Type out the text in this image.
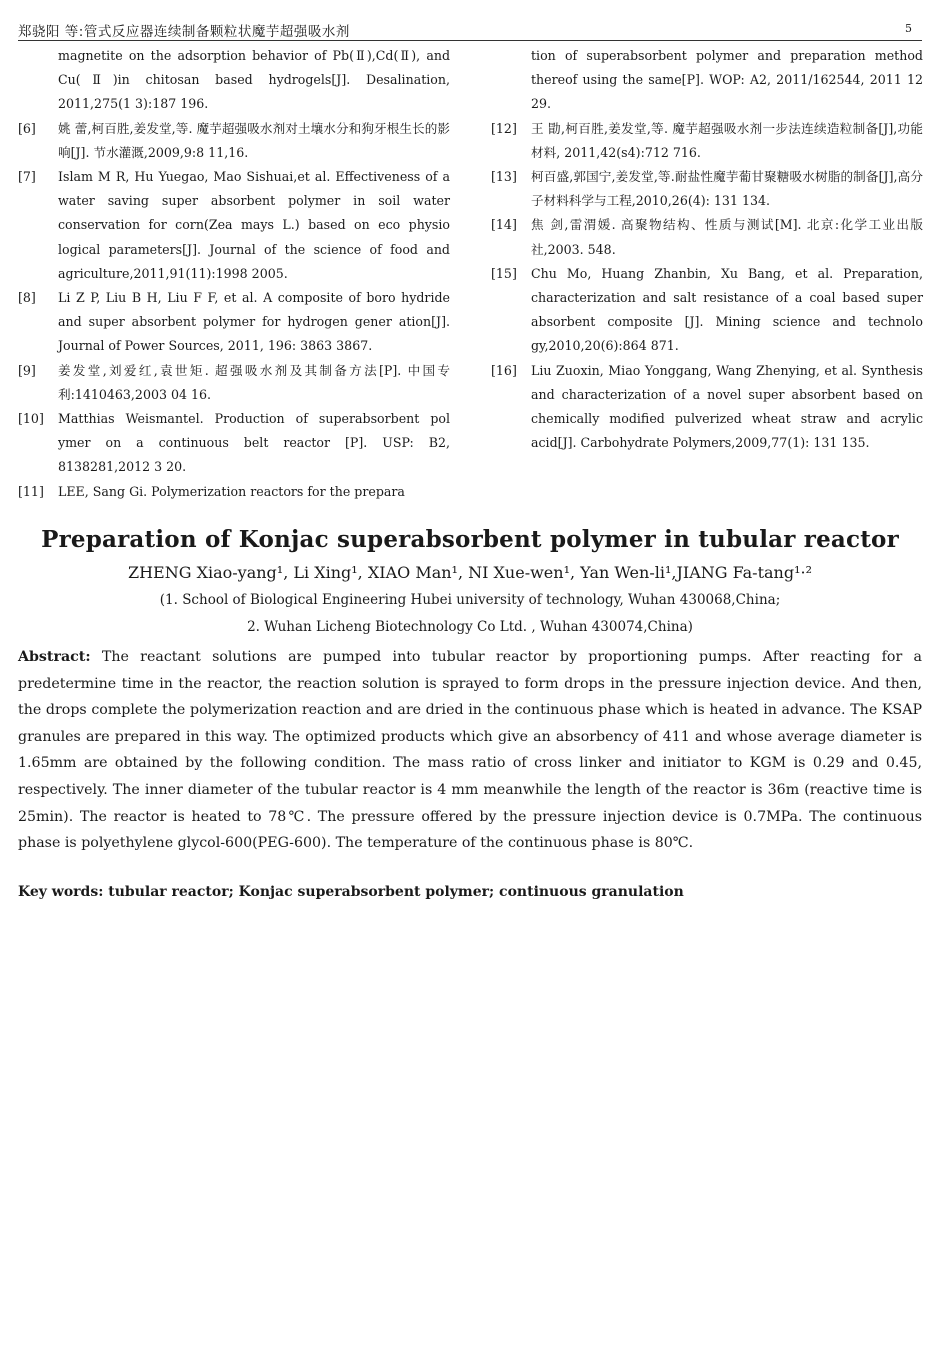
郑骁阳 等:管式反应器连续制备颗粒状魔芋超强吸水剂	5
magnetite on the adsorption behavior of Pb(Ⅱ),Cd(Ⅱ), and Cu(Ⅱ)in chitosan based hydrogels[J]. Desalination, 2011,275(1 3):187 196.
[6] 姚 蕾,柯百胜,姜发堂,等. 魔芋超强吸水剂对土壤水分和狗牙根生长的影响[J]. 节水灌溉,2009,9:8 11,16.
[7] Islam M R, Hu Yuegao, Mao Sishuai,et al. Effectiveness of a water saving super absorbent polymer in soil water conservation for corn(Zea mays L.) based on eco physio logical parameters[J]. Journal of the science of food and agriculture,2011,91(11):1998 2005.
[8] Li Z P, Liu B H, Liu F F, et al. A composite of boro hydride and super absorbent polymer for hydrogen gener ation[J]. Journal of Power Sources, 2011, 196: 3863 3867.
[9] 姜发堂,刘爱红,袁世矩. 超强吸水剂及其制备方法[P]. 中国专利:1410463,2003 04 16.
[10] Matthias Weismantel. Production of superabsorbent pol ymer on a continuous belt reactor [P]. USP: B2, 8138281,2012 3 20.
[11] LEE, Sang Gi. Polymerization reactors for the prepara
tion of superabsorbent polymer and preparation method thereof using the same[P]. WOP: A2, 2011/162544, 2011 12 29.
[12] 王 勖,柯百胜,姜发堂,等. 魔芋超强吸水剂一步法连续造粒制备[J],功能材料, 2011,42(s4):712 716.
[13] 柯百盛,郭国宁,姜发堂,等.耐盐性魔芋葡甘聚糖吸水树脂的制备[J],高分子材料科学与工程,2010,26(4): 131 134.
[14] 焦 剑,雷渭媛. 高聚物结构、性质与测试[M]. 北京:化学工业出版社,2003. 548.
[15] Chu Mo, Huang Zhanbin, Xu Bang, et al. Preparation, characterization and salt resistance of a coal based super absorbent composite [J]. Mining science and technolo gy,2010,20(6):864 871.
[16] Liu Zuoxin, Miao Yonggang, Wang Zhenying, et al. Synthesis and characterization of a novel super absorbent based on chemically modified pulverized wheat straw and acrylic acid[J]. Carbohydrate Polymers,2009,77(1): 131 135.
Preparation of Konjac superabsorbent polymer in tubular reactor
ZHENG Xiao-yang¹, Li Xing¹, XIAO Man¹, NI Xue-wen¹, Yan Wen-li¹,JIANG Fa-tang¹·²
(1. School of Biological Engineering Hubei university of technology, Wuhan 430068,China;
2. Wuhan Licheng Biotechnology Co Ltd. , Wuhan 430074,China)
Abstract: The reactant solutions are pumped into tubular reactor by proportioning pumps. After reacting for a predetermine time in the reactor, the reaction solution is sprayed to form drops in the pressure injection device. And then, the drops complete the polymerization reaction and are dried in the continuous phase which is heated in advance. The KSAP granules are prepared in this way. The optimized products which give an absorbency of 411 and whose average diameter is 1.65mm are obtained by the following condition. The mass ratio of cross linker and initiator to KGM is 0.29 and 0.45, respectively. The inner diameter of the tubular reactor is 4 mm meanwhile the length of the reactor is 36m (reactive time is 25min). The reactor is heated to 78℃. The pressure offered by the pressure injection device is 0.7MPa. The continuous phase is polyethylene glycol-600(PEG-600). The temperature of the continuous phase is 80℃.
Key words: tubular reactor; Konjac superabsorbent polymer; continuous granulation
